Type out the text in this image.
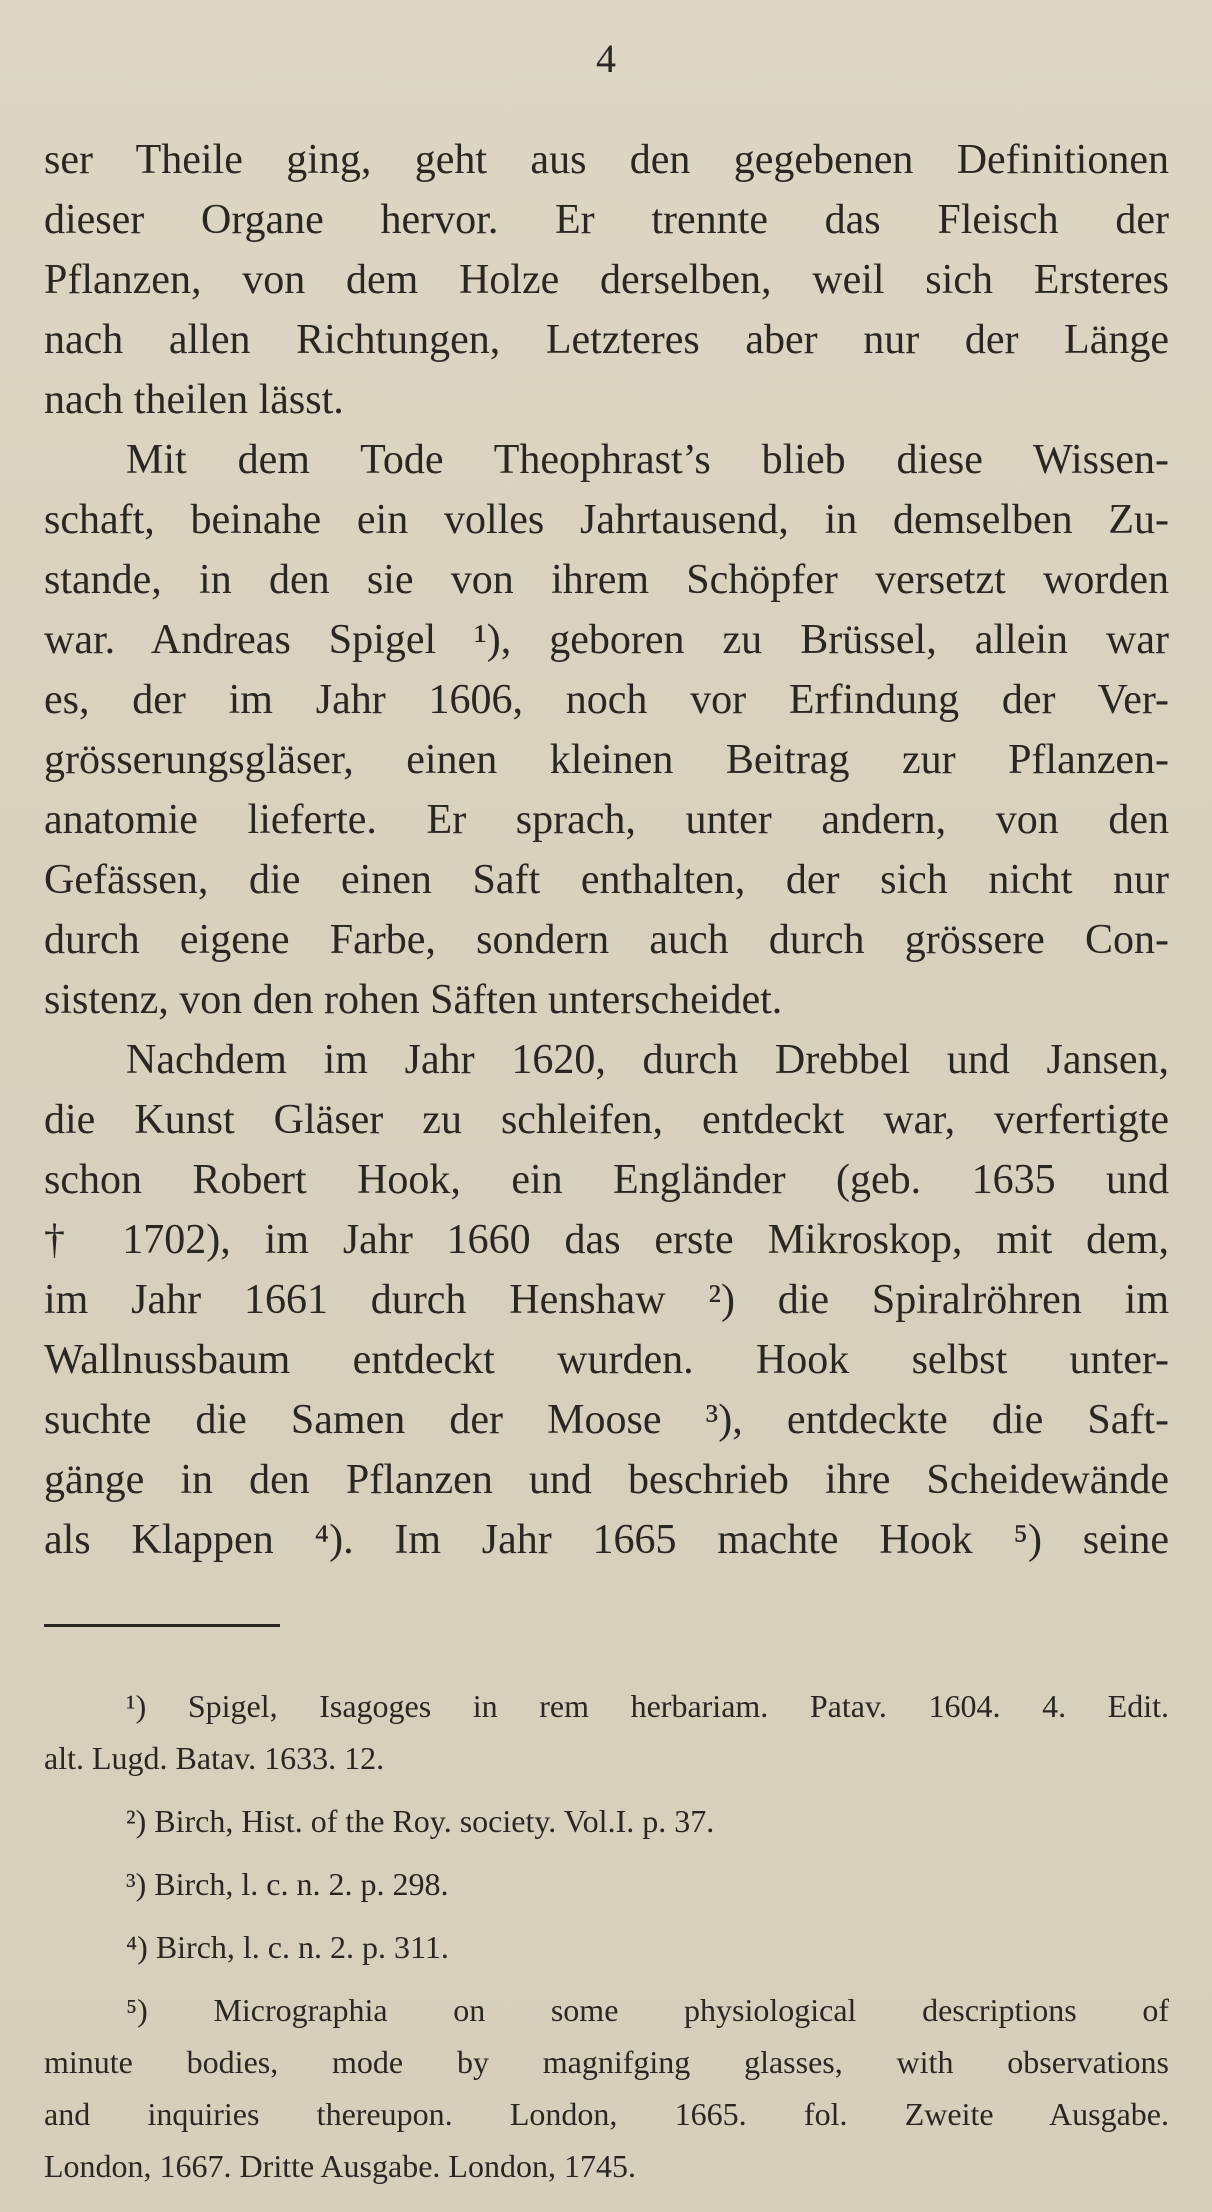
4
ser Theile ging, geht aus den gegebenen Definitionen
dieser Organe hervor. Er trennte das Fleisch der
Pflanzen, von dem Holze derselben, weil sich Ersteres
nach allen Richtungen, Letzteres aber nur der Länge
nach theilen lässt.
Mit dem Tode Theophrast’s blieb diese Wissen-
schaft, beinahe ein volles Jahrtausend, in demselben Zu-
stande, in den sie von ihrem Schöpfer versetzt worden
war. Andreas Spigel ¹), geboren zu Brüssel, allein war
es, der im Jahr 1606, noch vor Erfindung der Ver-
grösserungsgläser, einen kleinen Beitrag zur Pflanzen-
anatomie lieferte. Er sprach, unter andern, von den
Gefässen, die einen Saft enthalten, der sich nicht nur
durch eigene Farbe, sondern auch durch grössere Con-
sistenz, von den rohen Säften unterscheidet.
Nachdem im Jahr 1620, durch Drebbel und Jansen,
die Kunst Gläser zu schleifen, entdeckt war, verfertigte
schon Robert Hook, ein Engländer (geb. 1635 und
† 1702), im Jahr 1660 das erste Mikroskop, mit dem,
im Jahr 1661 durch Henshaw ²) die Spiralröhren im
Wallnussbaum entdeckt wurden. Hook selbst unter-
suchte die Samen der Moose ³), entdeckte die Saft-
gänge in den Pflanzen und beschrieb ihre Scheidewände
als Klappen ⁴). Im Jahr 1665 machte Hook ⁵) seine
¹) Spigel, Isagoges in rem herbariam. Patav. 1604. 4. Edit.
alt. Lugd. Batav. 1633. 12.
²) Birch, Hist. of the Roy. society. Vol.I. p. 37.
³) Birch, l. c. n. 2. p. 298.
⁴) Birch, l. c. n. 2. p. 311.
⁵) Micrographia on some physiological descriptions of
minute bodies, mode by magnifging glasses, with observations
and inquiries thereupon. London, 1665. fol. Zweite Ausgabe.
London, 1667. Dritte Ausgabe. London, 1745.
